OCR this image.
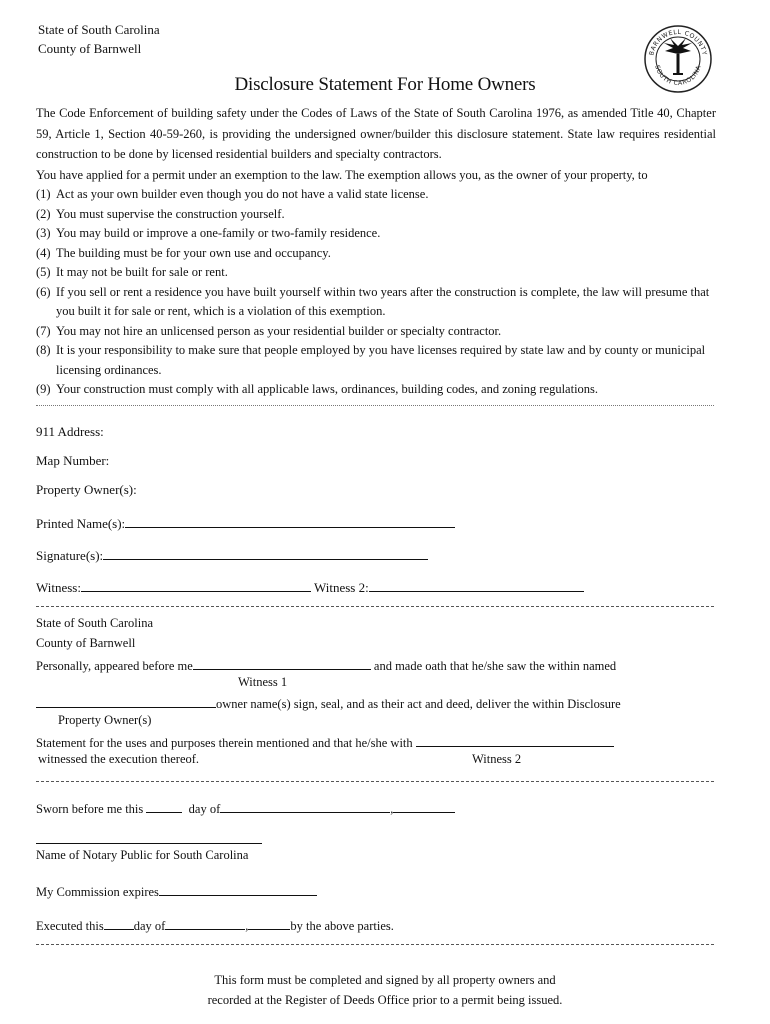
State of South Carolina
County of Barnwell	BARNWELL COUNTY
SOUTH CAROLINA
Disclosure Statement For Home Owners

The Code Enforcement of building safety under the Codes of Laws of the State of South Carolina 1976, as amended Title 40, Chapter 59, Article 1, Section 40-59-260, is providing the undersigned owner/builder this disclosure statement. State law requires residential construction to be done by licensed residential builders and specialty contractors.

You have applied for a permit under an exemption to the law. The exemption allows you, as the owner of your property, to

(1) Act as your own builder even though you do not have a valid state license.
(2) You must supervise the construction yourself.
(3) You may build or improve a one-family or two-family residence.
(4) The building must be for your own use and occupancy.
(5) It may not be built for sale or rent.
(6) If you sell or rent a residence you have built yourself within two years after the construction is complete, the law will presume that you built it for sale or rent, which is a violation of this exemption.
(7) You may not hire an unlicensed person as your residential builder or specialty contractor.
(8) It is your responsibility to make sure that people employed by you have licenses required by state law and by county or municipal licensing ordinances.
(9) Your construction must comply with all applicable laws, ordinances, building codes, and zoning regulations.
911 Address:
Map Number:
Property Owner(s):
Printed Name(s):
Signature(s):
Witness:	Witness 2:
State of South Carolina
County of Barnwell
Personally, appeared before me	and made oath that he/she saw the within named
Witness 1
owner name(s) sign, seal, and as their act and deed, deliver the within Disclosure
Property Owner(s)
Statement for the uses and purposes therein mentioned and that he/she with
witnessed the execution thereof.	Witness 2
Sworn before me this	day of	,
Name of Notary Public for South Carolina
My Commission expires
Executed this day of	,	by the above parties.
This form must be completed and signed by all property owners and
recorded at the Register of Deeds Office prior to a permit being issued.
